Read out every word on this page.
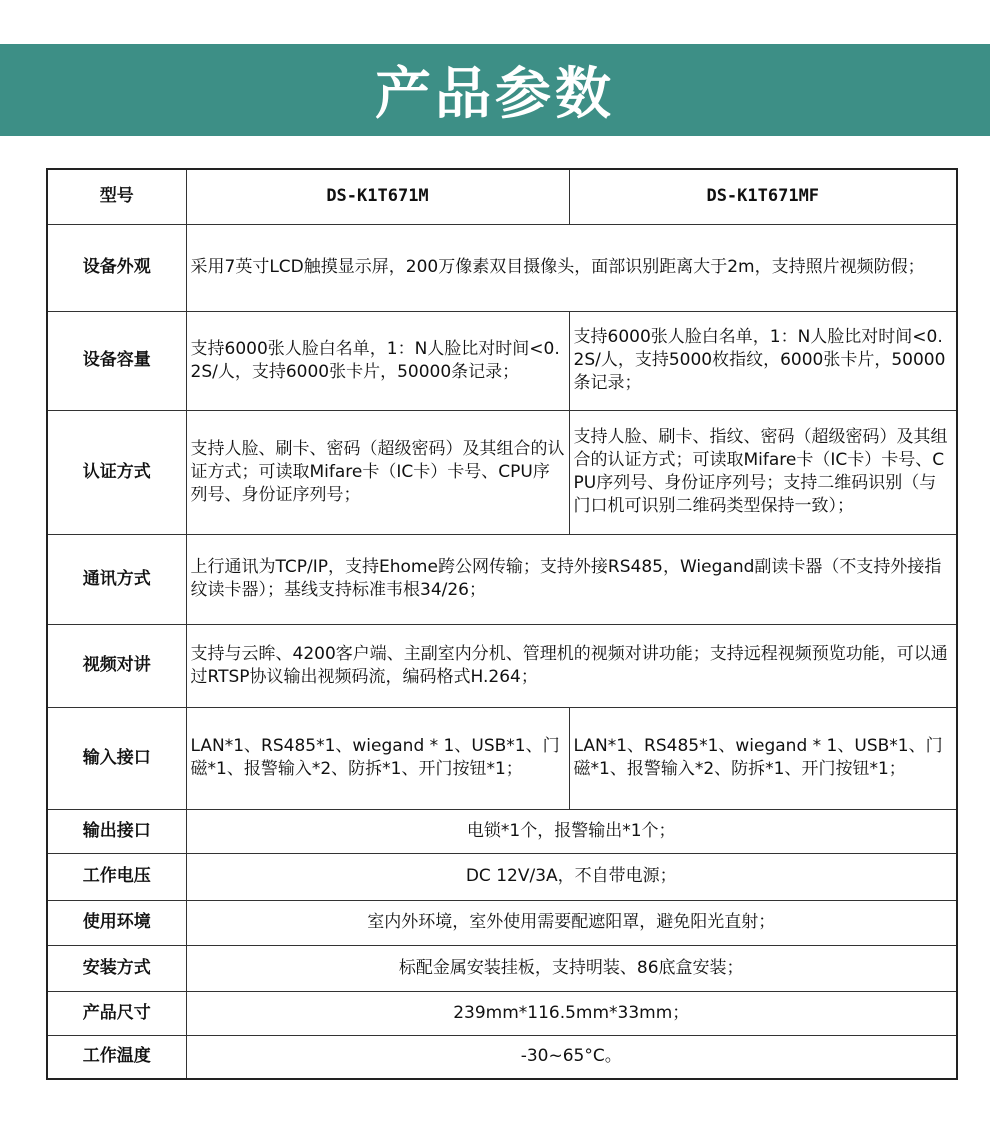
产品参数
型号	DS-K1T671M	DS-K1T671MF
设备外观	采用7英寸LCD触摸显示屏，200万像素双目摄像头，面部识别距离大于2m，支持照片视频防假；	
设备容量	支持6000张人脸白名单，1：N人脸比对时间<0.2S/人，支持6000张卡片，50000条记录；	支持6000张人脸白名单，1：N人脸比对时间<0.2S/人，支持5000枚指纹，6000张卡片，50000条记录；
认证方式	支持人脸、刷卡、密码（超级密码）及其组合的认证方式；可读取Mifare卡（IC卡）卡号、CPU序列号、身份证序列号；	支持人脸、刷卡、指纹、密码（超级密码）及其组合的认证方式；可读取Mifare卡（IC卡）卡号、CPU序列号、身份证序列号；支持二维码识别（与门口机可识别二维码类型保持一致）；
通讯方式	上行通讯为TCP/IP，支持Ehome跨公网传输；支持外接RS485，Wiegand副读卡器（不支持外接指纹读卡器）；基线支持标准韦根34/26；	
视频对讲	支持与云眸、4200客户端、主副室内分机、管理机的视频对讲功能；支持远程视频预览功能，可以通过RTSP协议输出视频码流，编码格式H.264；	
输入接口	LAN*1、RS485*1、wiegand * 1、USB*1、门磁*1、报警输入*2、防拆*1、开门按钮*1；	LAN*1、RS485*1、wiegand * 1、USB*1、门磁*1、报警输入*2、防拆*1、开门按钮*1；
输出接口	电锁*1个，报警输出*1个；	
工作电压	DC 12V/3A，不自带电源；	
使用环境	室内外环境，室外使用需要配遮阳罩，避免阳光直射；	
安装方式	标配金属安装挂板，支持明装、86底盒安装；	
产品尺寸	239mm*116.5mm*33mm；	
工作温度	-30~65°C。	
